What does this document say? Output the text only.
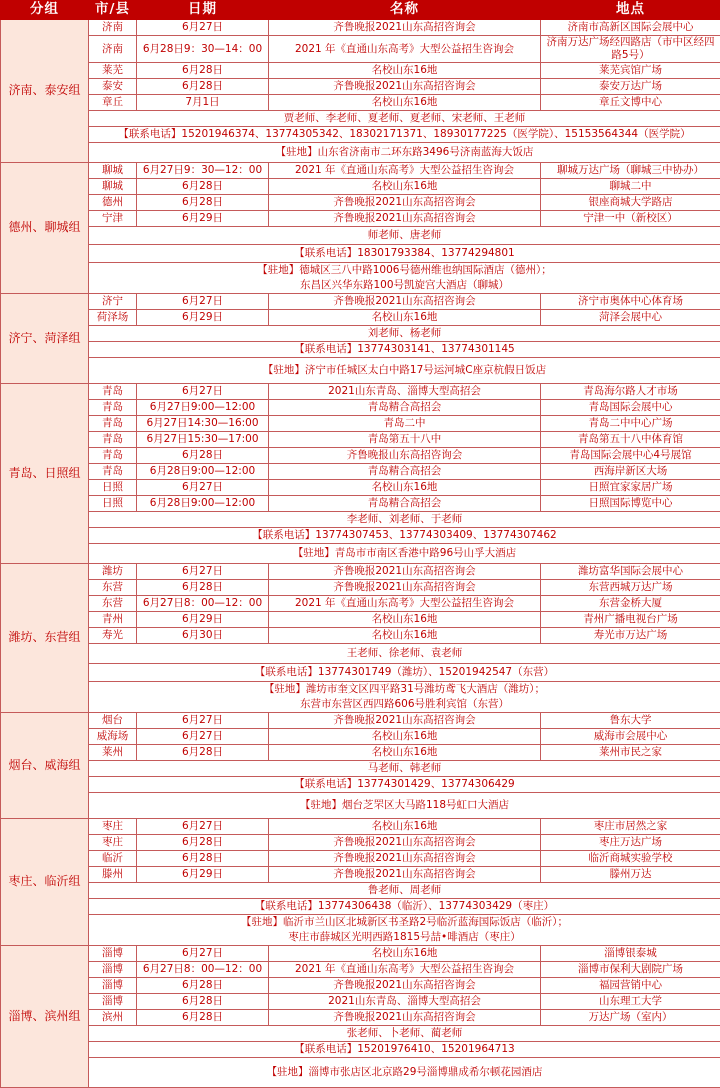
分组	市/县	日期	名称	地点
济南、泰安组	济南	6月27日	齐鲁晚报2021山东高招咨询会	济南市高新区国际会展中心
	济南	6月28日9：30—14：00	2021 年《直通山东高考》大型公益招生咨询会	济南万达广场经四路店（市中区经四路5号）
	莱芜	6月28日	名校山东16地	莱芜宾馆广场
	泰安	6月28日	齐鲁晚报2021山东高招咨询会	泰安万达广场
	章丘	7月1日	名校山东16地	章丘文博中心
	贾老师、李老师、夏老师、夏老师、宋老师、王老师			
	【联系电话】15201946374、13774305342、18302171371、18930177225（医学院）、15153564344（医学院）			

	【驻地】山东省济南市二环东路3496号济南蓝海大饭店			

德州、聊城组	聊城	6月27日9：30—12：00	2021 年《直通山东高考》大型公益招生咨询会	聊城万达广场（聊城三中协办）
	聊城	6月28日	名校山东16地	聊城二中
	德州	6月28日	齐鲁晚报2021山东高招咨询会	银座商城大学路店
	宁津	6月29日	齐鲁晚报2021山东高招咨询会	宁津一中（新校区）
	师老师、唐老师			
	【联系电话】18301793384、13774294801			

	【驻地】德城区三八中路1006号德州维也纳国际酒店（德州）；
东昌区兴华东路100号凯旋宫大酒店（聊城）			

济宁、菏泽组	济宁	6月27日	齐鲁晚报2021山东高招咨询会	济宁市奥体中心体育场
	荷泽场	6月29日	名校山东16地	菏泽会展中心
	刘老师、杨老师			
	【联系电话】13774303141、13774301145			

	【驻地】济宁市任城区太白中路17号运河城C座京杭假日饭店			

青岛、日照组	青岛	6月27日	2021山东青岛、淄博大型高招会	青岛海尔路人才市场
	青岛	6月27日9:00—12:00	青岛精合高招会	青岛国际会展中心
	青岛	6月27日14:30—16:00	青岛二中	青岛二中中心广场
	青岛	6月27日15:30—17:00	青岛第五十八中	青岛第五十八中体育馆
	青岛	6月28日	齐鲁晚报山东高招咨询会	青岛国际会展中心4号展馆
	青岛	6月28日9:00—12:00	青岛精合高招会	西海岸新区大场
	日照	6月27日	名校山东16地	日照宜家家居广场
	日照	6月28日9:00—12:00	青岛精合高招会	日照国际博览中心
	李老师、刘老师、于老师			
	【联系电话】13774307453、13774303409、13774307462			

	【驻地】青岛市市南区香港中路96号山孚大酒店			

潍坊、东营组	潍坊	6月27日	齐鲁晚报2021山东高招咨询会	潍坊富华国际会展中心
	东营	6月28日	齐鲁晚报2021山东高招咨询会	东营西城万达广场
	东营	6月27日8：00—12：00	2021 年《直通山东高考》大型公益招生咨询会	东营金桥大厦
	青州	6月29日	名校山东16地	青州广播电视台广场
	寿光	6月30日	名校山东16地	寿光市万达广场
	王老师、徐老师、袁老师			
	【联系电话】13774301749（潍坊）、15201942547（东营）			

	【驻地】潍坊市奎文区四平路31号潍坊鸢飞大酒店（潍坊）；
东营市东营区西四路606号胜利宾馆（东营）			

烟台、威海组	烟台	6月27日	齐鲁晚报2021山东高招咨询会	鲁东大学
	威海场	6月27日	名校山东16地	威海市会展中心
	莱州	6月28日	名校山东16地	莱州市民之家
	马老师、韩老师			
	【联系电话】13774301429、13774306429			

	【驻地】烟台芝罘区大马路118号虹口大酒店			

枣庄、临沂组	枣庄	6月27日	名校山东16地	枣庄市居然之家
	枣庄	6月28日	齐鲁晚报2021山东高招咨询会	枣庄万达广场
	临沂	6月28日	齐鲁晚报2021山东高招咨询会	临沂商城实验学校
	滕州	6月29日	齐鲁晚报2021山东高招咨询会	滕州万达
	鲁老师、周老师			
	【联系电话】13774306438（临沂）、13774303429（枣庄）			

	【驻地】临沂市兰山区北城新区书圣路2号临沂蓝海国际饭店（临沂）；
枣庄市薛城区光明西路1815号喆•啡酒店（枣庄）			

淄博、滨州组	淄博	6月27日	名校山东16地	淄博银泰城
	淄博	6月27日8：00—12：00	2021 年《直通山东高考》大型公益招生咨询会	淄博市保利大剧院广场
	淄博	6月28日	齐鲁晚报2021山东高招咨询会	福园营销中心
	淄博	6月28日	2021山东青岛、淄博大型高招会	山东理工大学
	滨州	6月28日	齐鲁晚报2021山东高招咨询会	万达广场（室内）
	张老师、卜老师、蔺老师			
	【联系电话】15201976410、15201964713			

	【驻地】淄博市张店区北京路29号淄博鼎成希尔顿花园酒店			
